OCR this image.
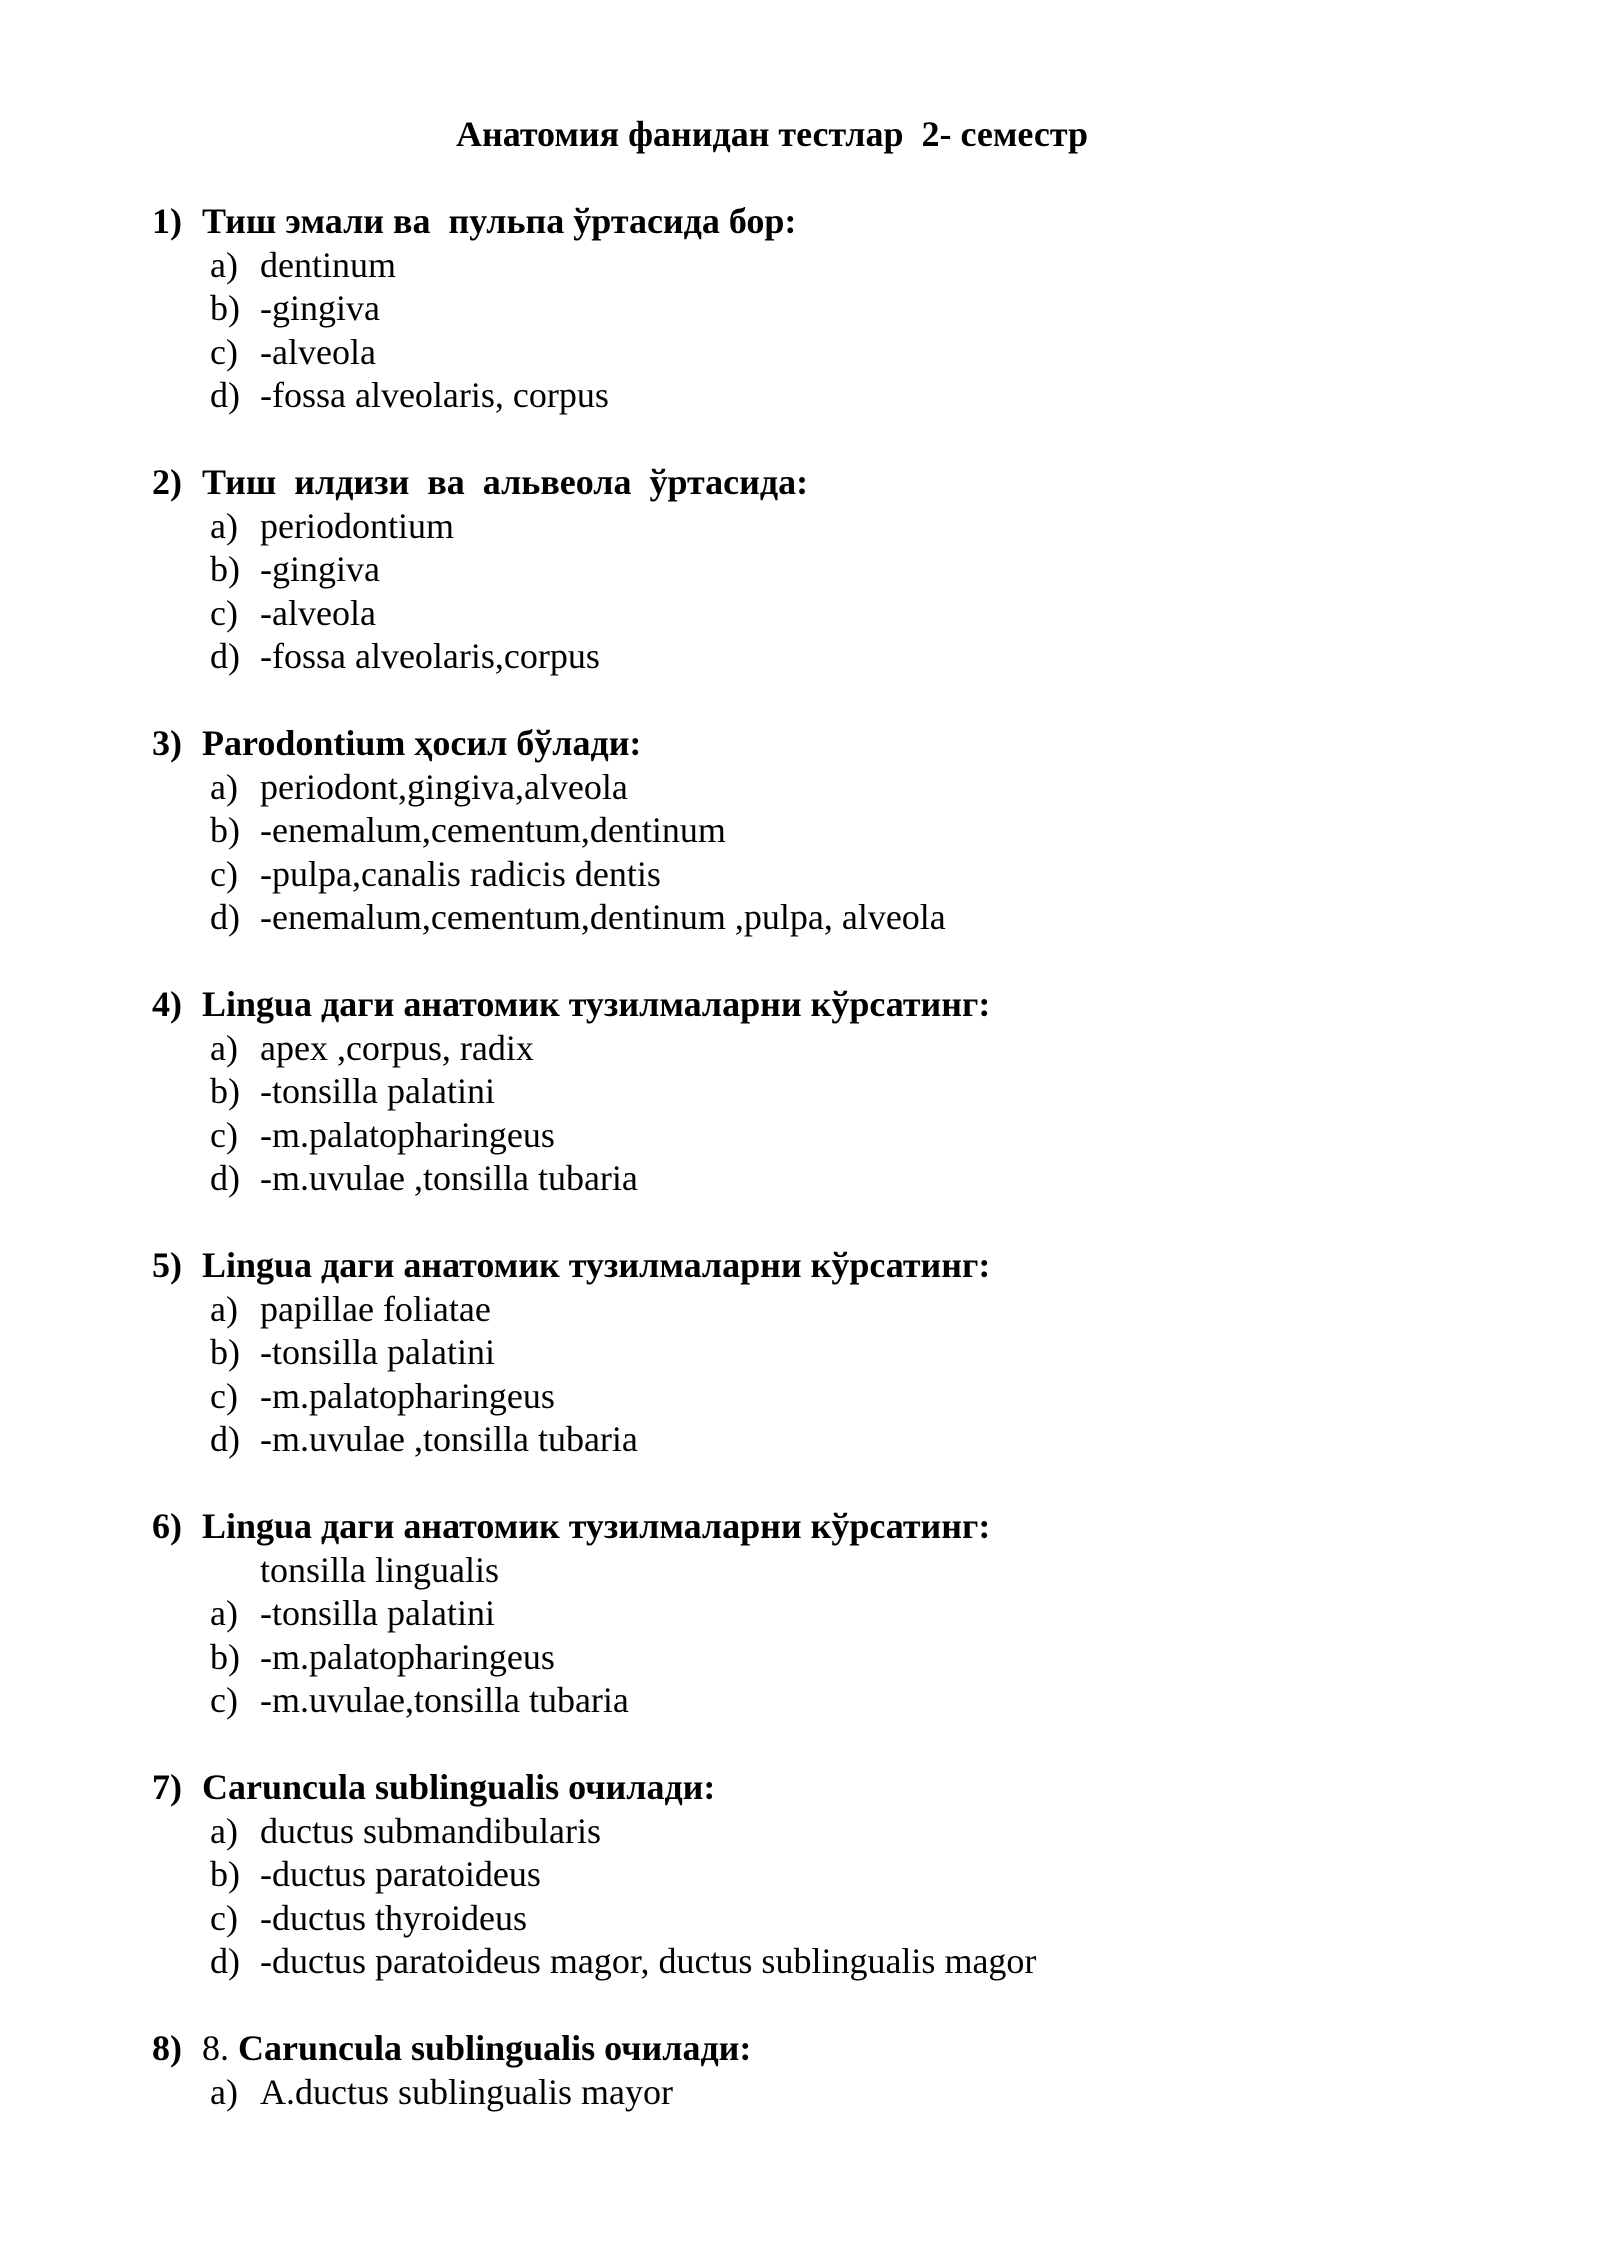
Анатомия фанидан тестлар  2- семестр
1) Тиш эмали ва  пульпа ўртасида бор:
a) dentinum
b) -gingiva
c) -alveola
d) -fossa alveolaris, corpus
2) Тиш  илдизи  ва  альвеола  ўртасида:
a) periodontium
b) -gingiva
c) -alveola
d) -fossa alveolaris,corpus
3) Parodontium ҳосил бўлади:
a) periodont,gingiva,alveola
b) -enemalum,cementum,dentinum
c) -pulpa,canalis radicis dentis
d) -enemalum,cementum,dentinum ,pulpa, alveola
4) Lingua даги анатомик тузилмаларни кўрсатинг:
a) apex ,corpus, radix
b) -tonsilla palatini
c) -m.palatopharingeus
d) -m.uvulae ,tonsilla tubaria
5) Lingua даги анатомик тузилмаларни кўрсатинг:
a) papillae foliatae
b) -tonsilla palatini
c) -m.palatopharingeus
d) -m.uvulae ,tonsilla tubaria
6) Lingua даги анатомик тузилмаларни кўрсатинг:
tonsilla lingualis
a) -tonsilla palatini
b) -m.palatopharingeus
c) -m.uvulae,tonsilla tubaria
7) Caruncula sublingualis очилади:
a) ductus submandibularis
b) -ductus paratoideus
c) -ductus thyroideus
d) -ductus paratoideus magor, ductus sublingualis magor
8) 8. Caruncula sublingualis очилади:
a) A.ductus sublingualis mayor
